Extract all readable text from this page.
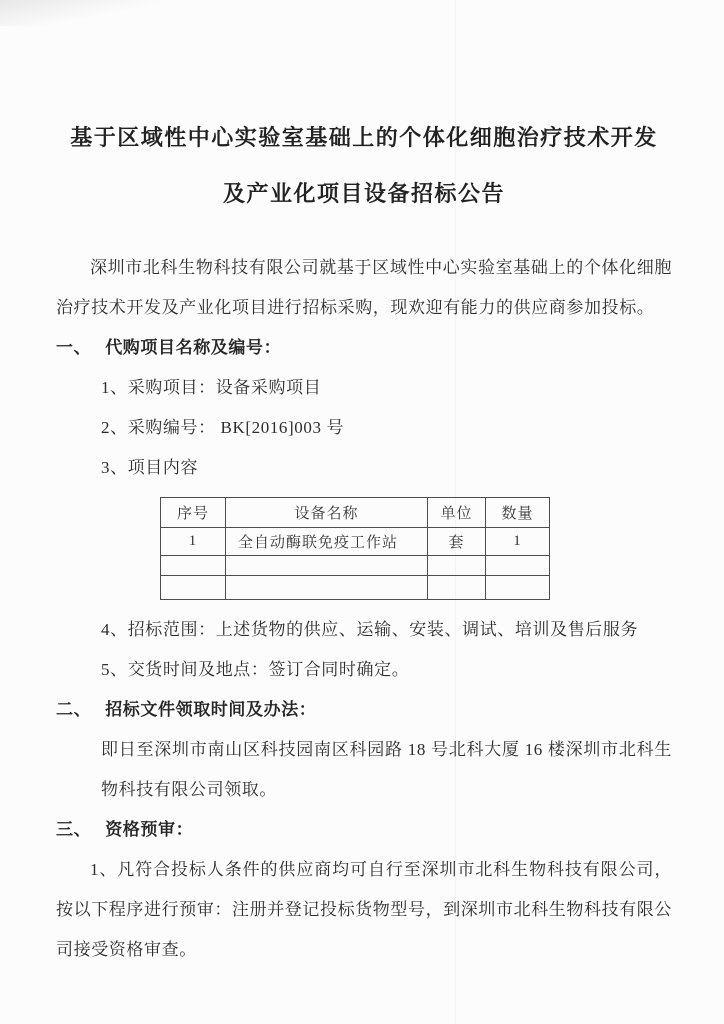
基于区域性中心实验室基础上的个体化细胞治疗技术开发
及产业化项目设备招标公告

深圳市北科生物科技有限公司就基于区域性中心实验室基础上的个体化细胞治疗技术开发及产业化项目进行招标采购，现欢迎有能力的供应商参加投标。

一、 代购项目名称及编号：
1、采购项目：设备采购项目
2、采购编号： BK[2016]003 号
3、项目内容
序号	设备名称	单位	数量
1	全自动酶联免疫工作站	套	1

4、招标范围：上述货物的供应、运输、安装、调试、培训及售后服务
5、交货时间及地点：签订合同时确定。
二、 招标文件领取时间及办法：

即日至深圳市南山区科技园南区科园路 18 号北科大厦 16 楼深圳市北科生物科技有限公司领取。

三、 资格预审：

1、凡符合投标人条件的供应商均可自行至深圳市北科生物科技有限公司，按以下程序进行预审：注册并登记投标货物型号，到深圳市北科生物科技有限公司接受资格审查。
